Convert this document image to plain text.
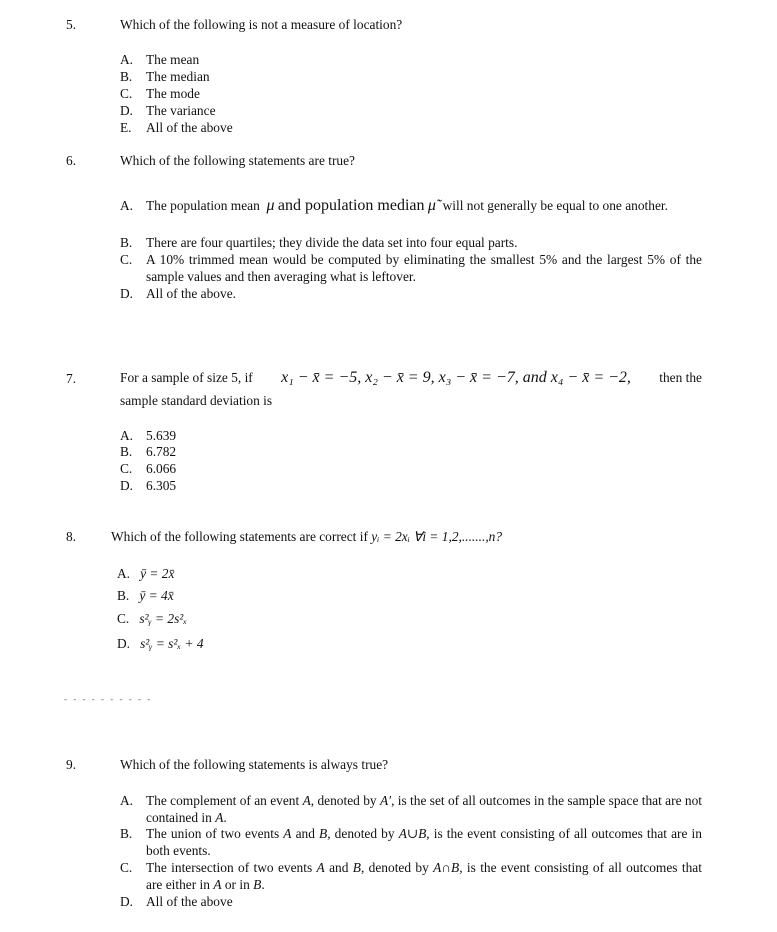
5.	Which of the following is not a measure of location?
A. The mean
B. The median
C. The mode
D. The variance
E. All of the above
6.	Which of the following statements are true?
A. The population mean μ and population median μ̃ will not generally be equal to one another.
B. There are four quartiles; they divide the data set into four equal parts.
C. A 10% trimmed mean would be computed by eliminating the smallest 5% and the largest 5% of the sample values and then averaging what is leftover.
D. All of the above.
7.	For a sample of size 5, if x₁ − x̄ = −5, x₂ − x̄ = 9, x₃ − x̄ = −7, and x₄ − x̄ = −2, then the
sample standard deviation is
A. 5.639
B. 6.782
C. 6.066
D. 6.305
8.	Which of the following statements are correct if yᵢ = 2xᵢ ∀i = 1,2,.......,n?
A. ȳ = 2x̄
B. ȳ = 4x̄
C. s²ᵧ = 2s²ₓ
D. s²ᵧ = s²ₓ + 4
- - - - - - - - - -
9.	Which of the following statements is always true?
A. The complement of an event A, denoted by A′, is the set of all outcomes in the sample space that are not contained in A.
B. The union of two events A and B, denoted by A∪B, is the event consisting of all outcomes that are in both events.
C. The intersection of two events A and B, denoted by A∩B, is the event consisting of all outcomes that are either in A or in B.
D. All of the above
